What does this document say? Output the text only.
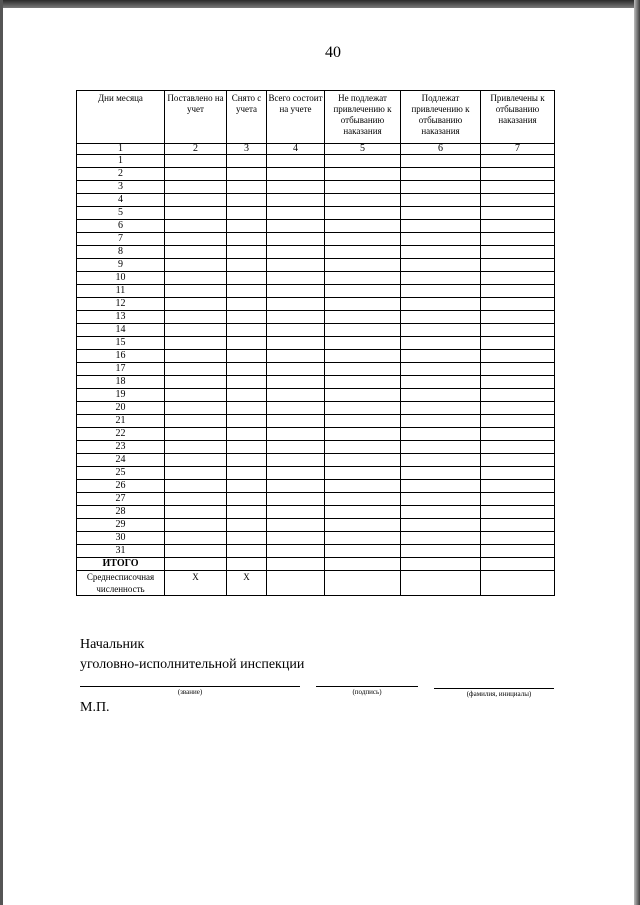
40
Дни месяца	Поставлено на учет	Снято с учета	Всего состоит на учете	Не подлежат привлечению к отбыванию наказания	Подлежат привлечению к отбыванию наказания	Привлечены к отбыванию наказания
1	2	3	4	5	6	7
1						
2						
3						
4						
5						
6						
7						
8						
9						
10						
11						
12						
13						
14						
15						
16						
17						
18						
19						
20						
21						
22						
23						
24						
25						
26						
27						
28						
29						
30						
31						
ИТОГО						
Среднесписочная численность	Х	Х				
Начальник
уголовно-исполнительной инспекции
(звание)	(подпись)	(фамилия, инициалы)
М.П.
